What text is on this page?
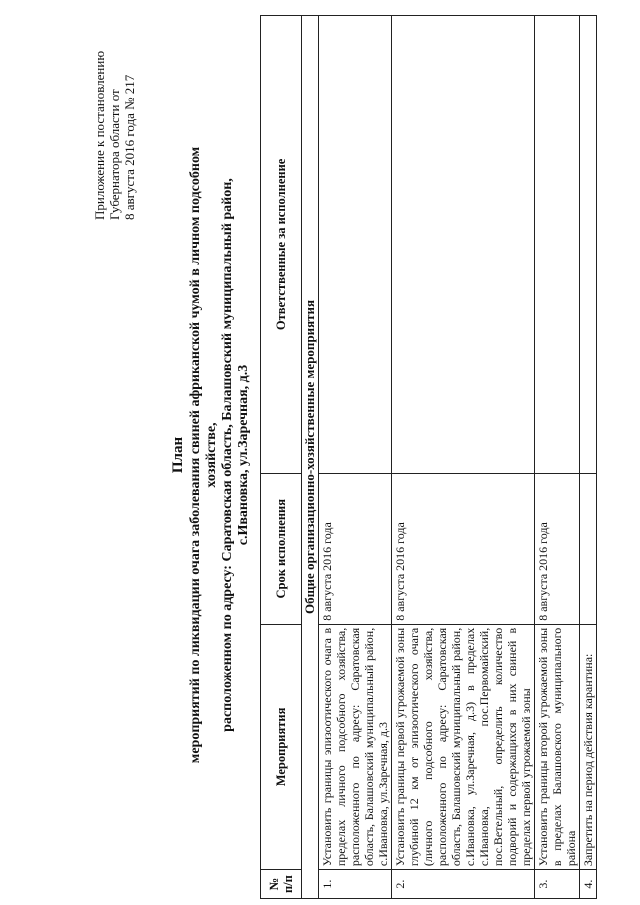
Приложение к постановлению Губернатора области от 8 августа 2016 года № 217
План мероприятий по ликвидации очага заболевания свиней африканской чумой в личном подсобном хозяйстве, расположенном по адресу: Саратовская область, Балашовский муниципальный район, с.Ивановка, ул.Заречная, д.3
№ п/п	Мероприятия	Срок исполнения	Ответственные за исполнение
Общие организационно-хозяйственные мероприятия			
1.	Установить границы эпизоотического очага в пределах личного подсобного хозяйства, расположенного по адресу: Саратовская область, Балашовский муниципальный район, с.Ивановка, ул.Заречная, д.3	8 августа 2016 года	
2.	Установить границы первой угрожаемой зоны глубиной 12 км от эпизоотического очага (личного подсобного хозяйства, расположенного по адресу: Саратовская область, Балашовский муниципальный район, с.Ивановка, ул.Заречная, д.3) в пределах с.Ивановка, пос.Первомайский, пос.Ветельный, определить количество подворий и содержащихся в них свиней в пределах первой угрожаемой зоны	8 августа 2016 года	
3.	Установить границы второй угрожаемой зоны в пределах Балашовского муниципального района	8 августа 2016 года	
4.	Запретить на период действия карантина:		
